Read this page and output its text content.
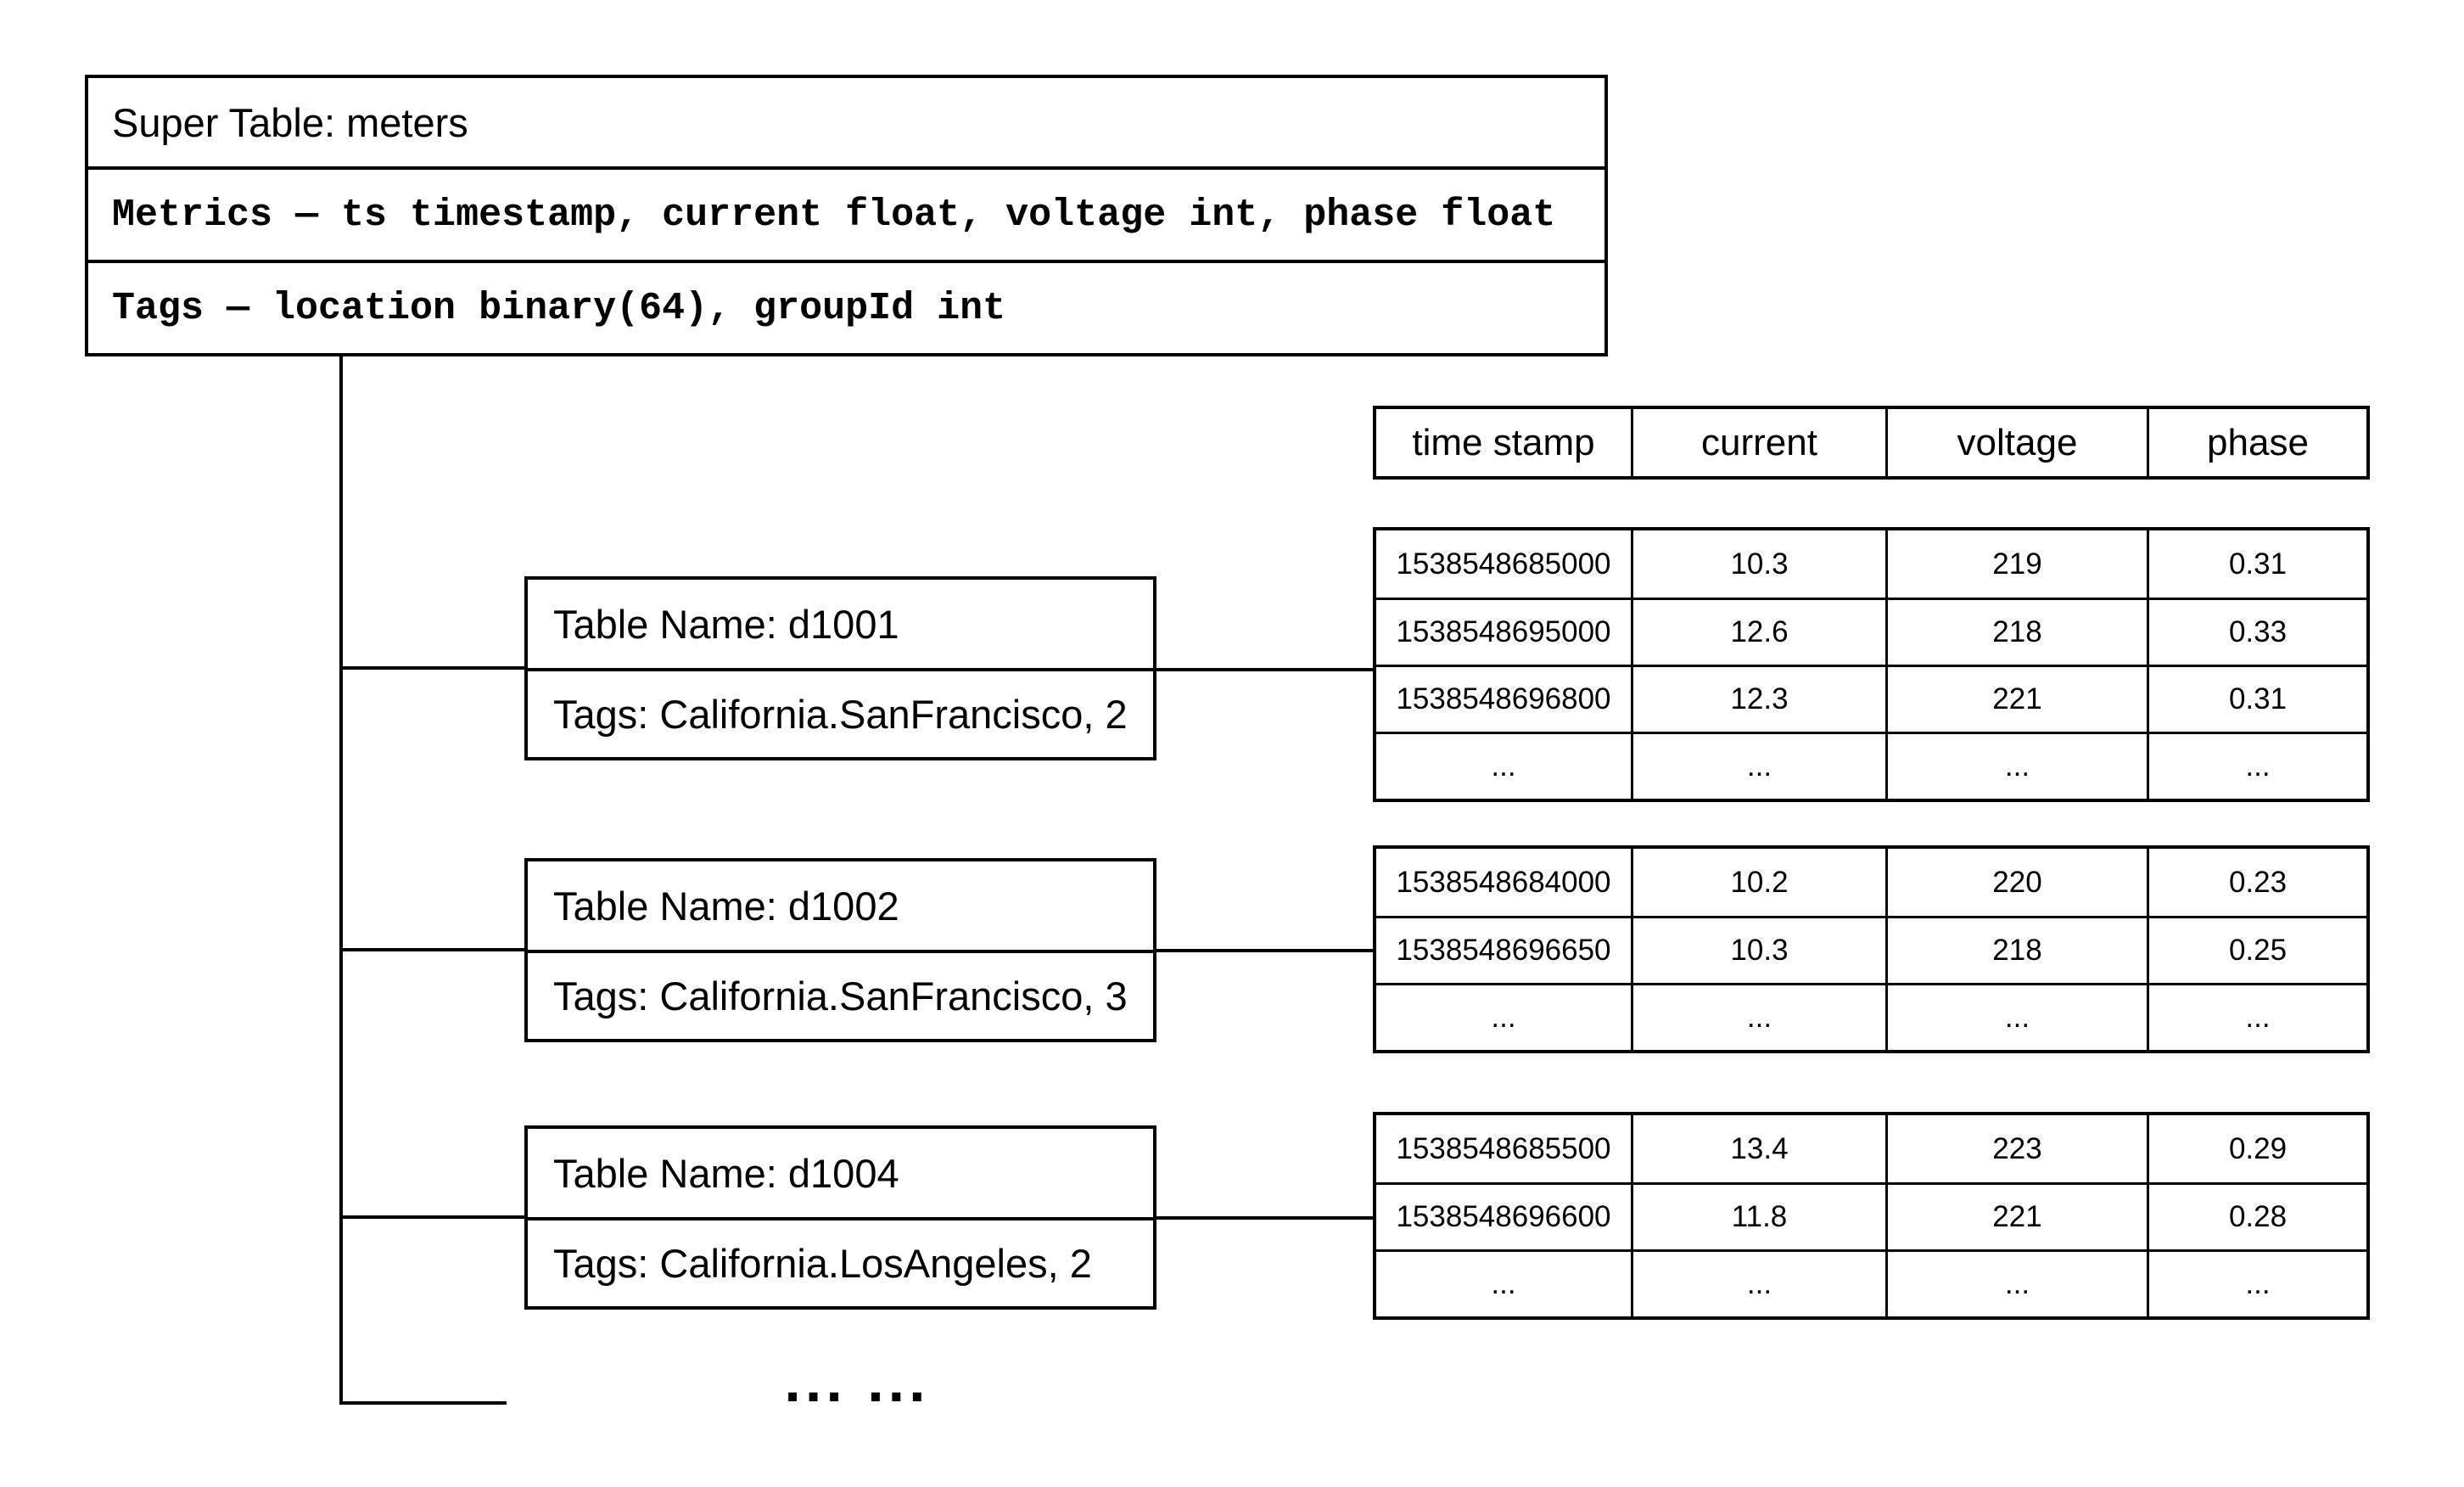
Super Table: meters
Metrics — ts timestamp, current float, voltage int, phase float
Tags — location binary(64), groupId int
Table Name: d1001
Tags: California.SanFrancisco, 2
Table Name: d1002
Tags: California.SanFrancisco, 3
Table Name: d1004
Tags: California.LosAngeles, 2
time stamp	current	voltage	phase
1538548685000	10.3	219	0.31
1538548695000	12.6	218	0.33
1538548696800	12.3	221	0.31
...	...	...	...
1538548684000	10.2	220	0.23
1538548696650	10.3	218	0.25
...	...	...	...
1538548685500	13.4	223	0.29
1538548696600	11.8	221	0.28
...	...	...	...
... ...
